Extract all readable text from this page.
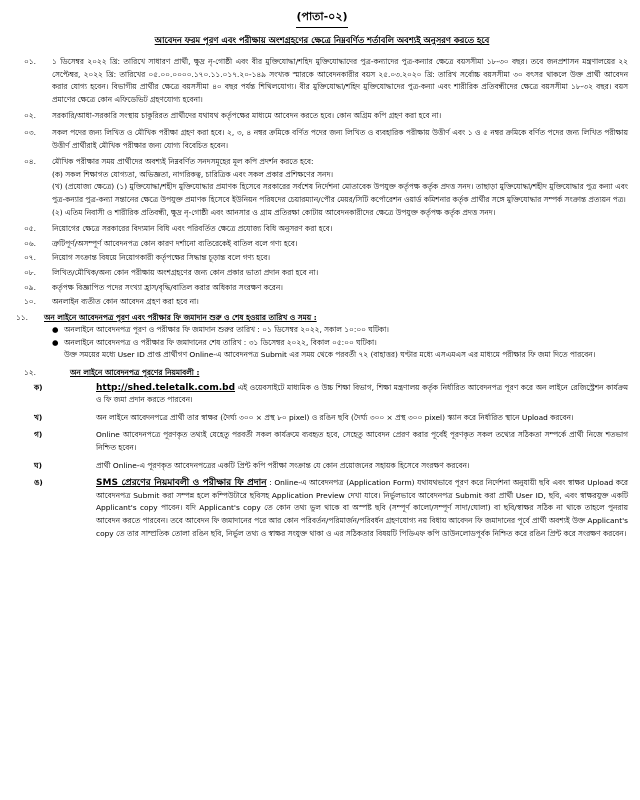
(পাতা-০২)
আবেদন ফরম পূরণ এবং পরীক্ষায় অংশগ্রহণের ক্ষেত্রে নিম্নবর্ণিত শর্তাবলি অবশ্যই অনুসরণ করতে হবে
০১.	১ ডিসেম্বর ২০২২ খ্রি: তারিখে সাধারণ প্রার্থী, ক্ষুদ্র নৃ-গোষ্ঠী এবং বীর মুক্তিযোদ্ধা/শহিদ মুক্তিযোদ্ধাদের পুত্র-কন্যাদের পুত্র-কন্যার ক্ষেত্রে বয়সসীমা ১৮-৩০ বছর। তবে জনপ্রশাসন মন্ত্রণালয়ের ২২ সেপ্টেম্বর, ২০২২ খ্রি: তারিখের ০৫.০০.০০০০.১৭০.১১.০১৭.২০-১৪৯ সংখ্যক স্মারকে আবেদনকারীর বয়স ২৫.০৩.২০২০ খ্রি: তারিখ সর্বোচ্চ বয়সসীমা ৩০ বৎসর থাকলে উক্ত প্রার্থী আবেদন করার যোগ্য হবেন। বিভাগীয় প্রার্থীর ক্ষেত্রে বয়সসীমা ৪০ বছর পর্যন্ত শিথিলযোগ্য। বীর মুক্তিযোদ্ধা/শহিদ মুক্তিযোদ্ধাদের পুত্র-কন্যা এবং শারীরিক প্রতিবন্ধীদের ক্ষেত্রে বয়সসীমা ১৮-৩২ বছর। বয়স প্রমাণের ক্ষেত্রে কোন এফিডেভিট গ্রহণযোগ্য হবেনা।
০২.	সরকারি/আধা-সরকারি সংস্থায় চাকুরিরত প্রার্থীদের যথাযথ কর্তৃপক্ষের মাধ্যমে আবেদন করতে হবে। কোন অগ্রিম কপি গ্রহণ করা হবে না।
০৩.	সকল পদের জন্য লিখিত ও মৌখিক পরীক্ষা গ্রহণ করা হবে। ২, ৩, ৪ নম্বর ক্রমিকে বর্ণিত পদের জন্য লিখিত ও ব্যবহারিক পরীক্ষায় উত্তীর্ণ এবং ১ ও ৫ নম্বর ক্রমিকে বর্ণিত পদের জন্য লিখিত পরীক্ষায় উত্তীর্ণ প্রার্থীরাই মৌখিক পরীক্ষার জন্য যোগ্য বিবেচিত হবেন।
০৪.	মৌখিক পরীক্ষার সময় প্রার্থীদের অবশ্যই নিম্নবর্ণিত সনদসমূহের মূল কপি প্রদর্শন করতে হবে:
(ক) সকল শিক্ষাগত যোগ্যতা, অভিজ্ঞতা, নাগরিকত্ব, চারিত্রিক এবং সকল প্রকার প্রশিক্ষণের সনদ।
(খ) (প্রযোজ্য ক্ষেত্রে) (১) মুক্তিযোদ্ধা/শহীদ মুক্তিযোদ্ধার প্রমাণক হিসেবে সরকারের সর্বশেষ নির্দেশনা মোতাবেক উপযুক্ত কর্তৃপক্ষ কর্তৃক প্রদত্ত সনদ। তাছাড়া মুক্তিযোদ্ধা/শহীদ মুক্তিযোদ্ধার পুত্র কন্যা এবং পুত্র-কন্যার পুত্র-কন্যা সন্তানের ক্ষেত্রে উপযুক্ত প্রমাণক হিসেবে ইউনিয়ন পরিষদের চেয়ারম্যান/পৌর মেয়র/সিটি কর্পোরেশন ওয়ার্ড কমিশনার কর্তৃক প্রার্থীর সঙ্গে মুক্তিযোদ্ধার সম্পর্ক সংক্রান্ত প্রত্যয়ন পত্র।
(২) এতিম নিবাসী ও শারীরিক প্রতিবন্ধী, ক্ষুদ্র নৃ-গোষ্ঠী এবং আনসার ও গ্রাম প্রতিরক্ষা কোটায় আবেদনকারীদের ক্ষেত্রে উপযুক্ত কর্তৃপক্ষ কর্তৃক প্রদত্ত সনদ।
০৫.	নিয়োগের ক্ষেত্রে সরকারের বিদ্যমান বিধি এবং পরিবর্তিত ক্ষেত্রে প্রযোজ্য বিধি অনুসরণ করা হবে।
০৬.	ত্রুটিপূর্ণ/অসম্পূর্ণ আবেদনপত্র কোন কারণ দর্শানো ব্যতিরেকেই বাতিল বলে গণ্য হবে।
০৭.	নিয়োগ সংক্রান্ত বিষয়ে নিয়োগকারী কর্তৃপক্ষের সিদ্ধান্ত চূড়ান্ত বলে গণ্য হবে।
০৮.	লিখিত/মৌখিক/অন্য কোন পরীক্ষায় অংশগ্রহণের জন্য কোন প্রকার ভাতা প্রদান করা হবে না।
০৯.	কর্তৃপক্ষ বিজ্ঞাপিত পদের সংখ্যা হ্রাস/বৃদ্ধি/বাতিল করার অধিকার সংরক্ষণ করেন।
১০.	অনলাইন ব্যতীত কোন আবেদন গ্রহণ করা হবে না।
১১.	অন লাইনে আবেদনপত্র পূরণ এবং পরীক্ষার ফি জমাদান শুরু ও শেষ হওয়ার তারিখ ও সময় :
● অনলাইনে আবেদনপত্র পূরণ ও পরীক্ষার ফি জমাদান শুরুর তারিখ : ০১ ডিসেম্বর ২০২২, সকাল ১০:০০ ঘটিকা।
● অনলাইনে আবেদনপত্র ও পরীক্ষার ফি জমাদানের শেষ তারিখ : ৩১ ডিসেম্বর ২০২২, বিকাল ০৫:০০ ঘটিকা।
উক্ত সময়ের মধ্যে User ID প্রাপ্ত প্রার্থীগণ Online-এ আবেদনপত্র Submit এর সময় থেকে পরবর্তী ৭২ (বাহাত্তর) ঘণ্টার মধ্যে এসএমএস এর মাধ্যমে পরীক্ষার ফি জমা দিতে পারবেন।
১২.	অন লাইনে আবেদনপত্র পূরণের নিয়মাবলী :
ক)	http://shed.teletalk.com.bd এই ওয়েবসাইটে মাধ্যমিক ও উচ্চ শিক্ষা বিভাগ, শিক্ষা মন্ত্রণালয় কর্তৃক নির্ধারিত আবেদনপত্র পূরণ করে অন লাইনে রেজিস্ট্রেশন কার্যক্রম ও ফি জমা প্রদান করতে পারবেন।
খ)	অন লাইনে আবেদনপত্রে প্রার্থী তার স্বাক্ষর (দৈর্ঘ্য ৩০০ × প্রস্থ ৮০ pixel) ও রঙিন ছবি (দৈর্ঘ্য ৩০০ × প্রস্থ ৩০০ pixel) স্ক্যান করে নির্ধারিত স্থানে Upload করবেন।
গ)	Online আবেদনপত্রে পূরণকৃত তথ্যই যেহেতু পরবর্তী সকল কার্যক্রমে ব্যবহৃত হবে, সেহেতু আবেদন প্রেরণ করার পূর্বেই পূরণকৃত সকল তথ্যের সঠিকতা সম্পর্কে প্রার্থী নিজে শতভাগ নিশ্চিত হবেন।
ঘ)	প্রার্থী Online-এ পূরণকৃত আবেদনপত্রের একটি প্রিন্ট কপি পরীক্ষা সংক্রান্ত যে কোন প্রয়োজনের সহায়ক হিসেবে সংরক্ষণ করবেন।
ঙ)	SMS প্রেরণের নিয়মাবলী ও পরীক্ষার ফি প্রদান : Online-এ আবেদনপত্র (Application Form) যথাযথভাবে পূরণ করে নির্দেশনা অনুযায়ী ছবি এবং স্বাক্ষর Upload করে আবেদনপত্র Submit করা সম্পন্ন হলে কম্পিউটারে ছবিসহ Application Preview দেখা যাবে। নির্ভুলভাবে আবেদনপত্র Submit করা প্রার্থী User ID, ছবি, এবং স্বাক্ষরযুক্ত একটি Applicant's copy পাবেন। যদি Applicant's copy তে কোন তথ্য ভুল থাকে বা অস্পষ্ট ছবি (সম্পূর্ণ কালো/সম্পূর্ণ সাদা/ঘোলা) বা ছবি/স্বাক্ষর সঠিক না থাকে তাহলে পুনরায় আবেদন করতে পারবেন। তবে আবেদন ফি জমাদানের পরে আর কোন পরিবর্তন/পরিমার্জন/পরিবর্ধন গ্রহণযোগ্য নয় বিধায় আবেদন ফি জমাদানের পূর্বে প্রার্থী অবশ্যই উক্ত Applicant's copy তে তার সাম্প্রতিক তোলা রঙিন ছবি, নির্ভুল তথ্য ও স্বাক্ষর সংযুক্ত থাকা ও এর সঠিকতার বিষয়টি পিডিএফ কপি ডাউনলোডপূর্বক নিশ্চিত করে রঙিন প্রিন্ট করে সংরক্ষণ করবেন।
